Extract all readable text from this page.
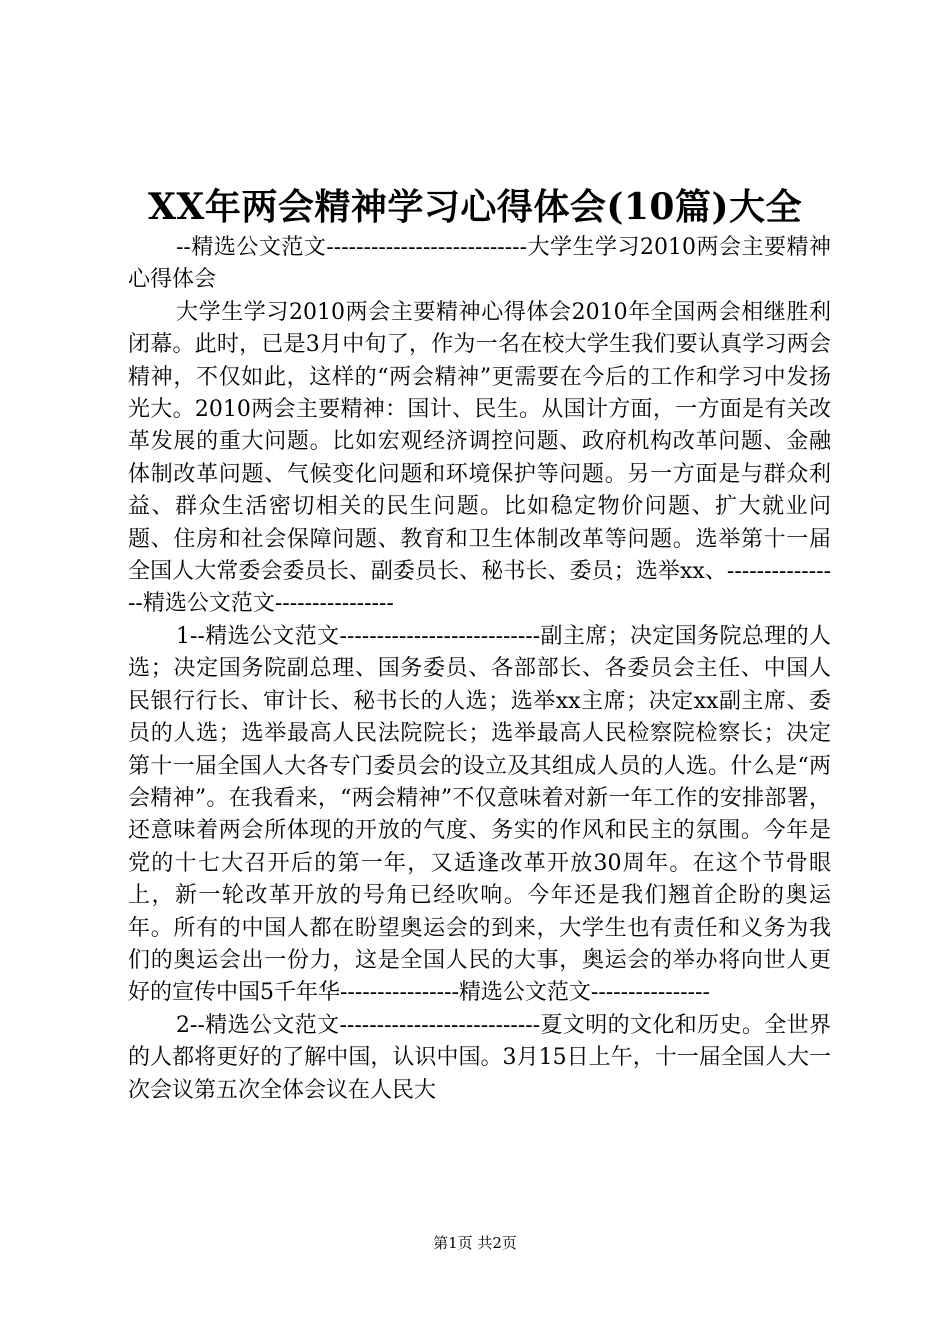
XX年两会精神学习心得体会(10篇)大全

--精选公文范文---------------------------大学生学习2010两会主要精神心得体会

大学生学习2010两会主要精神心得体会2010年全国两会相继胜利闭幕。此时，已是3月中旬了，作为一名在校大学生我们要认真学习两会精神，不仅如此，这样的“两会精神”更需要在今后的工作和学习中发扬光大。2010两会主要精神：国计、民生。从国计方面，一方面是有关改革发展的重大问题。比如宏观经济调控问题、政府机构改革问题、金融体制改革问题、气候变化问题和环境保护等问题。另一方面是与群众利益、群众生活密切相关的民生问题。比如稳定物价问题、扩大就业问题、住房和社会保障问题、教育和卫生体制改革等问题。选举第十一届全国人大常委会委员长、副委员长、秘书长、委员；选举xx、----------------精选公文范文----------------

1--精选公文范文---------------------------副主席；决定国务院总理的人选；决定国务院副总理、国务委员、各部部长、各委员会主任、中国人民银行行长、审计长、秘书长的人选；选举xx主席；决定xx副主席、委员的人选；选举最高人民法院院长；选举最高人民检察院检察长；决定第十一届全国人大各专门委员会的设立及其组成人员的人选。什么是“两会精神”。在我看来，“两会精神”不仅意味着对新一年工作的安排部署，还意味着两会所体现的开放的气度、务实的作风和民主的氛围。今年是党的十七大召开后的第一年，又适逢改革开放30周年。在这个节骨眼上，新一轮改革开放的号角已经吹响。今年还是我们翘首企盼的奥运年。所有的中国人都在盼望奥运会的到来，大学生也有责任和义务为我们的奥运会出一份力，这是全国人民的大事，奥运会的举办将向世人更好的宣传中国5千年华----------------精选公文范文----------------

2--精选公文范文---------------------------夏文明的文化和历史。全世界的人都将更好的了解中国，认识中国。3月15日上午，十一届全国人大一次会议第五次全体会议在人民大

第1页 共2页
